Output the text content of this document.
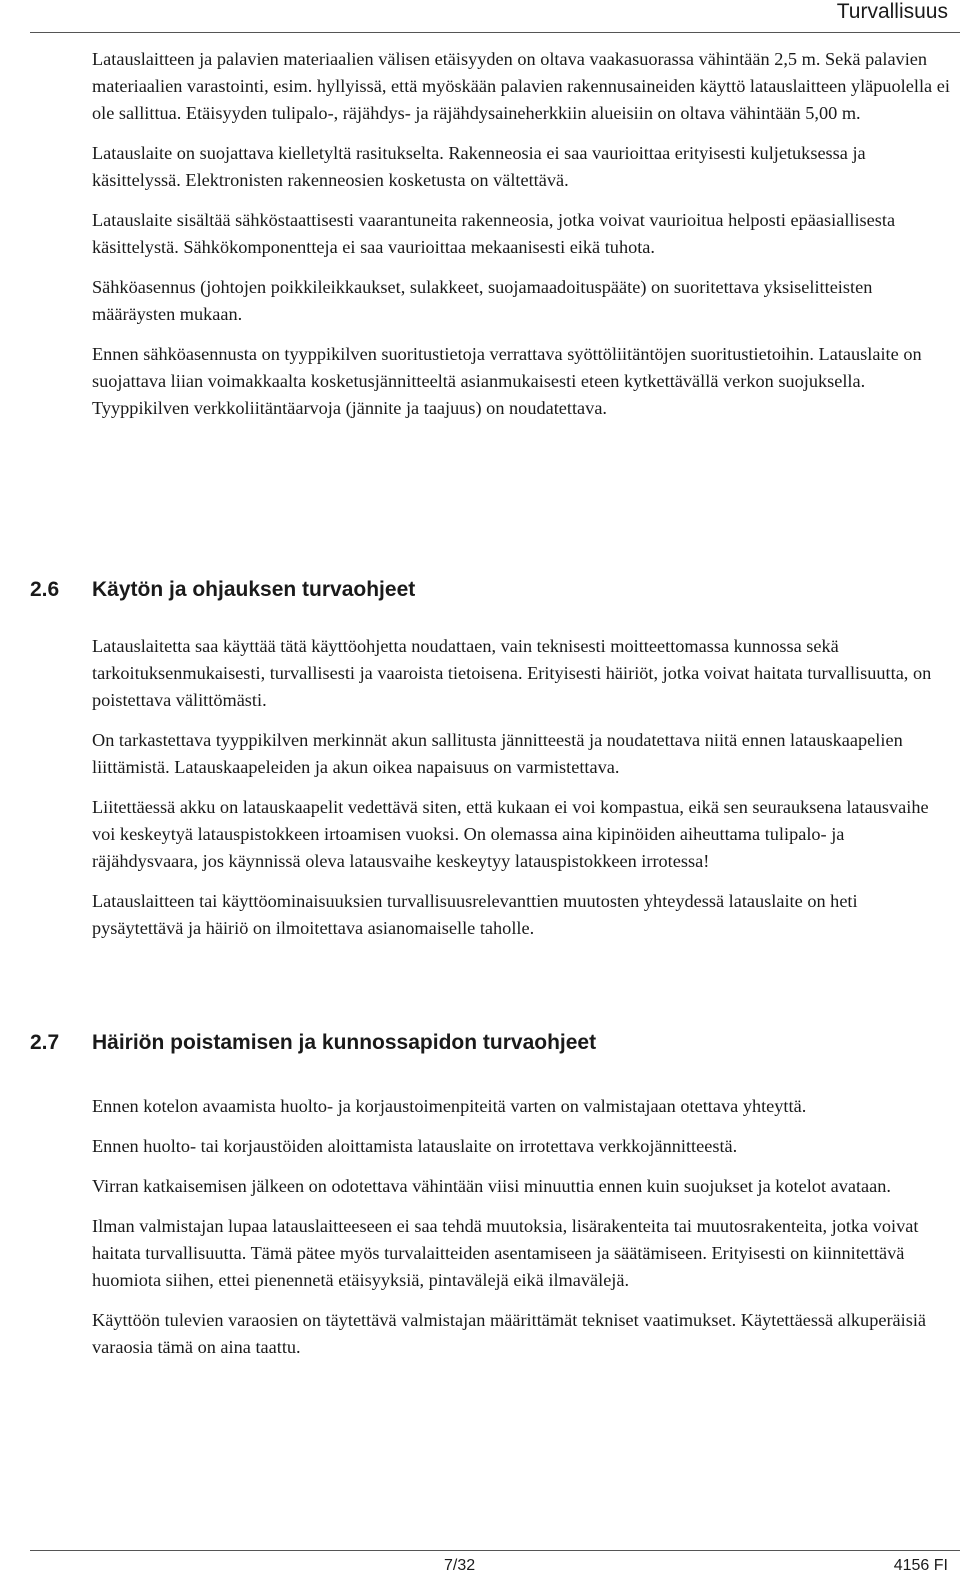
Turvallisuus

Latauslaitteen ja palavien materiaalien välisen etäisyyden on oltava vaakasuorassa vähintään 2,5 m. Sekä palavien materiaalien varastointi, esim. hyllyissä, että myöskään palavien rakennusaineiden käyttö latauslaitteen yläpuolella ei ole sallittua. Etäisyyden tulipalo-, räjähdys- ja räjähdysaineherkkiin alueisiin on oltava vähintään 5,00 m.

Latauslaite on suojattava kielletyltä rasitukselta. Rakenneosia ei saa vaurioittaa erityisesti kuljetuksessa ja käsittelyssä. Elektronisten rakenneosien kosketusta on vältettävä.

Latauslaite sisältää sähköstaattisesti vaarantuneita rakenneosia, jotka voivat vaurioitua helposti epäasiallisesta käsittelystä. Sähkökomponentteja ei saa vaurioittaa mekaanisesti eikä tuhota.

Sähköasennus (johtojen poikkileikkaukset, sulakkeet, suojamaadoituspääte) on suoritettava yksiselitteisten määräysten mukaan.

Ennen sähköasennusta on tyyppikilven suoritustietoja verrattava syöttöliitäntöjen suoritustietoihin. Latauslaite on suojattava liian voimakkaalta kosketusjännitteeltä asianmukaisesti eteen kytkettävällä verkon suojuksella. Tyyppikilven verkkoliitäntäarvoja (jännite ja taajuus) on noudatettava.

2.6 Käytön ja ohjauksen turvaohjeet

Latauslaitetta saa käyttää tätä käyttöohjetta noudattaen, vain teknisesti moitteettomassa kunnossa sekä tarkoituksenmukaisesti, turvallisesti ja vaaroista tietoisena. Erityisesti häiriöt, jotka voivat haitata turvallisuutta, on poistettava välittömästi.

On tarkastettava tyyppikilven merkinnät akun sallitusta jännitteestä ja noudatettava niitä ennen latauskaapelien liittämistä. Latauskaapeleiden ja akun oikea napaisuus on varmistettava.

Liitettäessä akku on latauskaapelit vedettävä siten, että kukaan ei voi kompastua, eikä sen seurauksena latausvaihe voi keskeytyä latauspistokkeen irtoamisen vuoksi. On olemassa aina kipinöiden aiheuttama tulipalo- ja räjähdysvaara, jos käynnissä oleva latausvaihe keskeytyy latauspistokkeen irrotessa!

Latauslaitteen tai käyttöominaisuuksien turvallisuusrelevanttien muutosten yhteydessä latauslaite on heti pysäytettävä ja häiriö on ilmoitettava asianomaiselle taholle.

2.7 Häiriön poistamisen ja kunnossapidon turvaohjeet

Ennen kotelon avaamista huolto- ja korjaustoimenpiteitä varten on valmistajaan otettava yhteyttä.

Ennen huolto- tai korjaustöiden aloittamista latauslaite on irrotettava verkkojännitteestä.

Virran katkaisemisen jälkeen on odotettava vähintään viisi minuuttia ennen kuin suojukset ja kotelot avataan.

Ilman valmistajan lupaa latauslaitteeseen ei saa tehdä muutoksia, lisärakenteita tai muutosrakenteita, jotka voivat haitata turvallisuutta. Tämä pätee myös turvalaitteiden asentamiseen ja säätämiseen. Erityisesti on kiinnitettävä huomiota siihen, ettei pienennetä etäisyyksiä, pintavälejä eikä ilmavälejä.

Käyttöön tulevien varaosien on täytettävä valmistajan määrittämät tekniset vaatimukset. Käytettäessä alkuperäisiä varaosia tämä on aina taattu.

7/32	4156 FI
